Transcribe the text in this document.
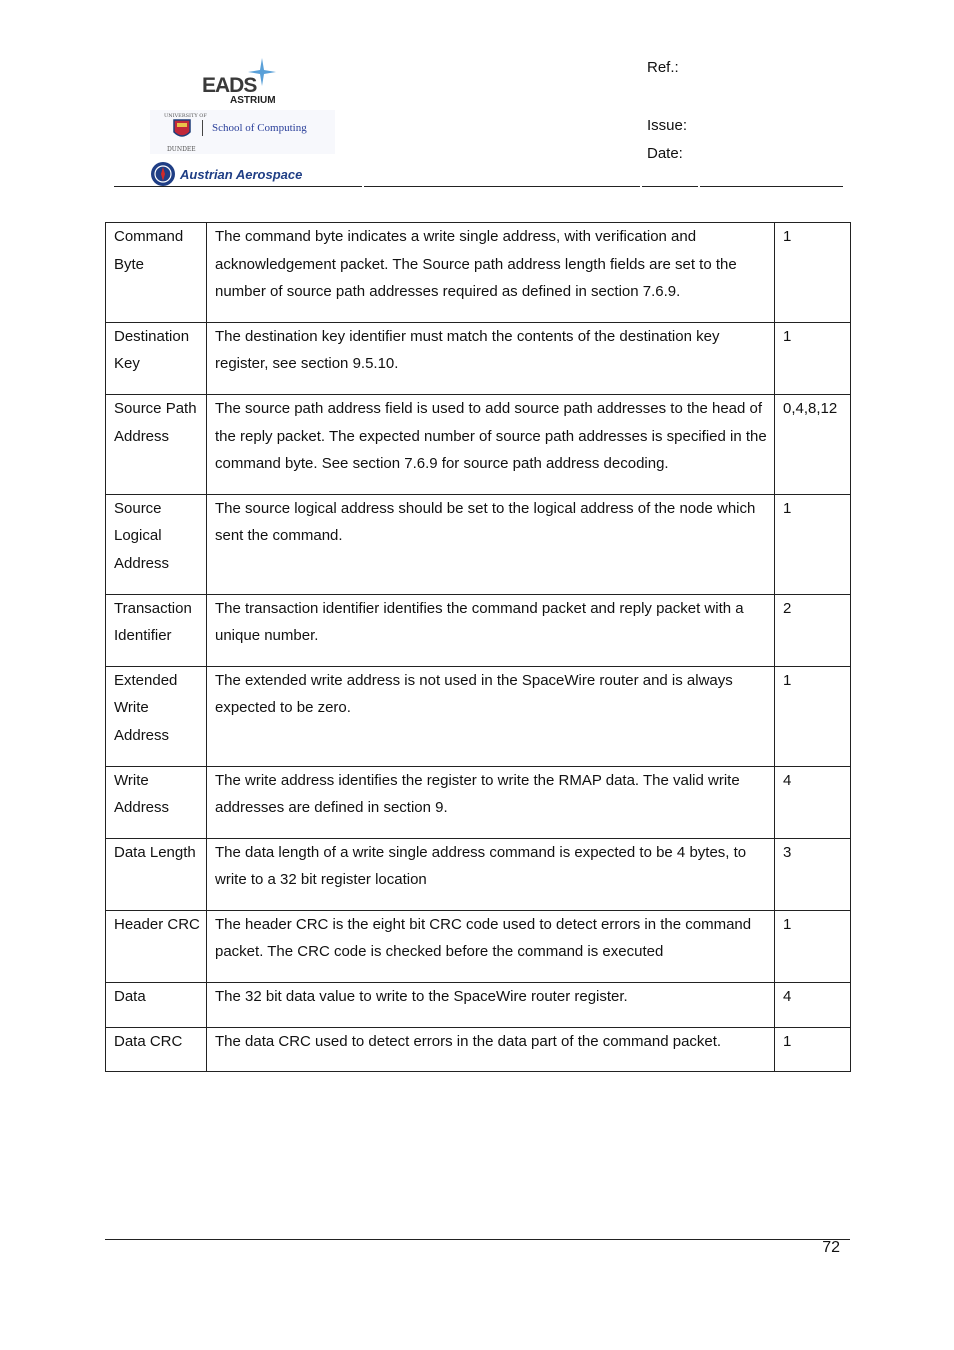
EADS
ASTRIUM
UNIVERSITY OF
DUNDEE
School of Computing
Austrian Aerospace
Ref.:
Issue:
Date:
Command Byte	The command byte indicates a write single address, with verification and acknowledgement packet. The Source path address length fields are set to the number of source path addresses required as defined in section 7.6.9.	1
Destination Key	The destination key identifier must match the contents of the destination key register, see section 9.5.10.	1
Source Path Address	The source path address field is used to add source path addresses to the head of the reply packet. The expected number of source path addresses is specified in the command byte. See section 7.6.9 for source path address decoding.	0,4,8,12
Source Logical Address	The source logical address should be set to the logical address of the node which sent the command.	1
Transaction Identifier	The transaction identifier identifies the command packet and reply packet with a unique number.	2
Extended Write Address	The extended write address is not used in the SpaceWire router and is always expected to be zero.	1
Write Address	The write address identifies the register to write the RMAP data. The valid write addresses are defined in section 9.	4
Data Length	The data length of a write single address command is expected to be 4 bytes, to write to a 32 bit register location	3
Header CRC	The header CRC is the eight bit CRC code used to detect errors in the command packet. The CRC code is checked before the command is executed	1
Data	The 32 bit data value to write to the SpaceWire router register.	4
Data CRC	The data CRC used to detect errors in the data part of the command packet.	1
72
